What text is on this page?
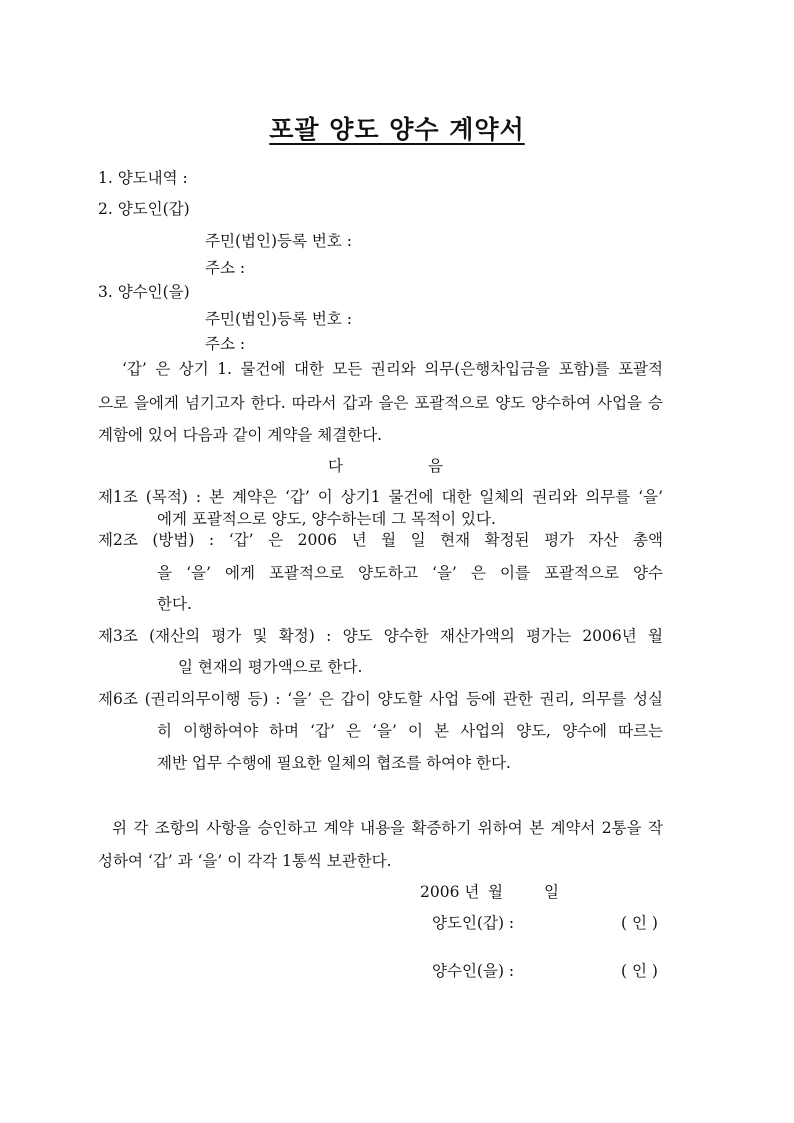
포괄 양도 양수 계약서
1. 양도내역 :
2. 양도인(갑)
주민(법인)등록 번호 :
주소 :
3. 양수인(을)
주민(법인)등록 번호 :
주소 :
‘갑’ 은 상기 1. 물건에 대한 모든 권리와 의무(은행차입금을 포함)를 포괄적
으로 을에게 넘기고자 한다. 따라서 갑과 을은 포괄적으로 양도 양수하여 사업을 승
계함에 있어 다음과 같이 계약을 체결한다.
다	음
제1조 (목적) : 본 계약은 ‘갑’ 이 상기1 물건에 대한 일체의 권리와 의무를 ‘을’
에게 포괄적으로 양도, 양수하는데 그 목적이 있다.
제2조 (방법) : ‘갑’ 은 2006 년 월 일 현재 확정된 평가 자산 총액
을 ‘을’ 에게 포괄적으로 양도하고 ‘을’ 은 이를 포괄적으로 양수
한다.
제3조 (재산의 평가 및 확정) : 양도 양수한 재산가액의 평가는 2006년 월
일 현재의 평가액으로 한다.
제6조 (권리의무이행 등) : ‘을’ 은 갑이 양도할 사업 등에 관한 권리, 의무를 성실
히 이행하여야 하며 ‘갑’ 은 ‘을’ 이 본 사업의 양도, 양수에 따르는
제반 업무 수행에 필요한 일체의 협조를 하여야 한다.
위 각 조항의 사항을 승인하고 계약 내용을 확증하기 위하여 본 계약서 2통을 작
성하여 ‘갑’ 과 ‘을’ 이 각각 1통씩 보관한다.
2006 년 월	일
양도인(갑) :	( 인 )
양수인(을) :	( 인 )
